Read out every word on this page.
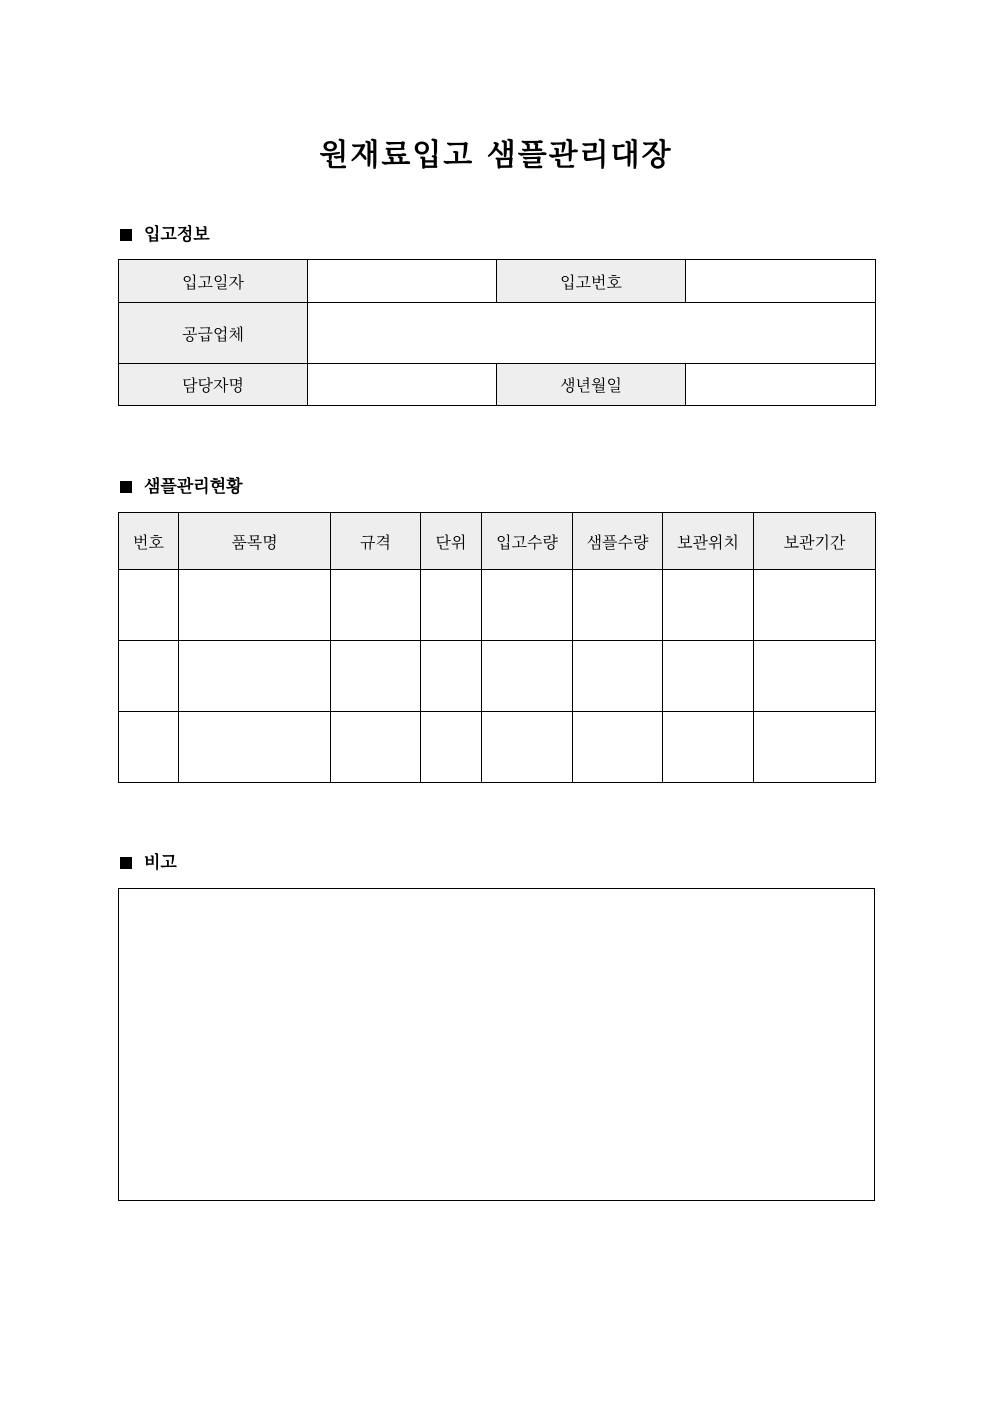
원재료입고 샘플관리대장
입고정보
입고일자		입고번호	
공급업체			
담당자명		생년월일	
샘플관리현황
번호	품목명	규격	단위	입고수량	샘플수량	보관위치	보관기간

비고
